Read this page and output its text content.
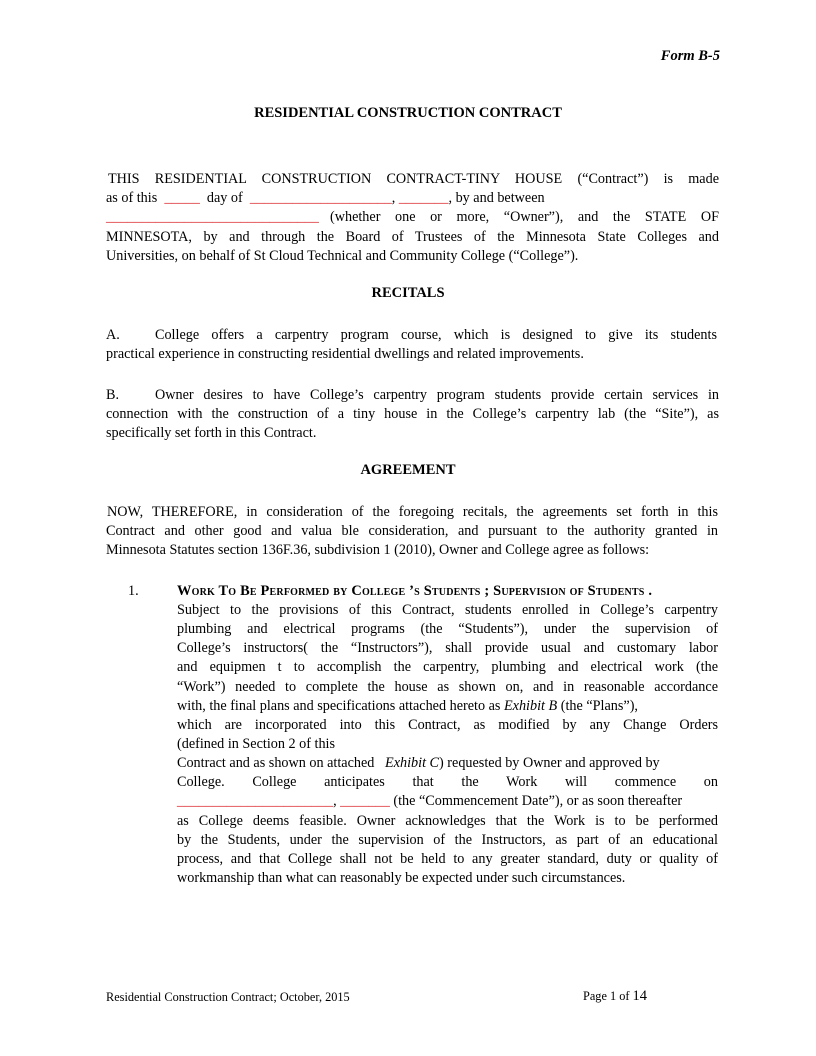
Form B-5
RESIDENTIAL CONSTRUCTION CONTRACT
THIS RESIDENTIAL CONSTRUCTION CONTRACT-TINY HOUSE (“Contract”) is made
as of this _____ day of ____________________, _______, by and between
______________________________ (whether one or more, “Owner”), and the STATE OF
MINNESOTA, by and through the Board of Trustees of the Minnesota State Colleges and
Universities, on behalf of St Cloud Technical and Community College (“College”).
RECITALS
A. College offers a carpentry program course, which is designed to give its students
practical experience in constructing residential dwellings and related improvements.
B.	Owner desires to have College’s carpentry program students provide certain services in
connection with the construction of a tiny house in the College’s carpentry lab (the “Site”), as
specifically set forth in this Contract.
AGREEMENT
NOW, THEREFORE, in consideration of the foregoing recitals, the agreements set forth in this
Contract and other good and valua ble consideration, and pursuant to the authority granted in
Minnesota Statutes section 136F.36, subdivision 1 (2010), Owner and College agree as follows:
1.	Work To Be Performed by College ’s Students ; Supervision of Students .
Subject to the provisions of this Contract, students enrolled in College’s carpentry
plumbing and electrical programs (the “Students”), under the supervision of
College’s instructors( the “Instructors”), shall provide usual and customary labor
and equipmen t to accomplish the carpentry, plumbing and electrical work (the
“Work”) needed to complete the house as shown on, and in reasonable accordance
with, the final plans and specifications attached hereto as Exhibit B (the “Plans”),
which are incorporated into this Contract, as modified by any Change Orders
(defined in Section 2 of this
Contract and as shown on attached Exhibit C) requested by Owner and approved by
College. College anticipates that the Work will commence on
______________________, _______ (the “Commencement Date”), or as soon thereafter
as College deems feasible. Owner acknowledges that the Work is to be performed
by the Students, under the supervision of the Instructors, as part of an educational
process, and that College shall not be held to any greater standard, duty or quality of
workmanship than what can reasonably be expected under such circumstances.
Residential Construction Contract; October, 2015	Page 1 of 14
